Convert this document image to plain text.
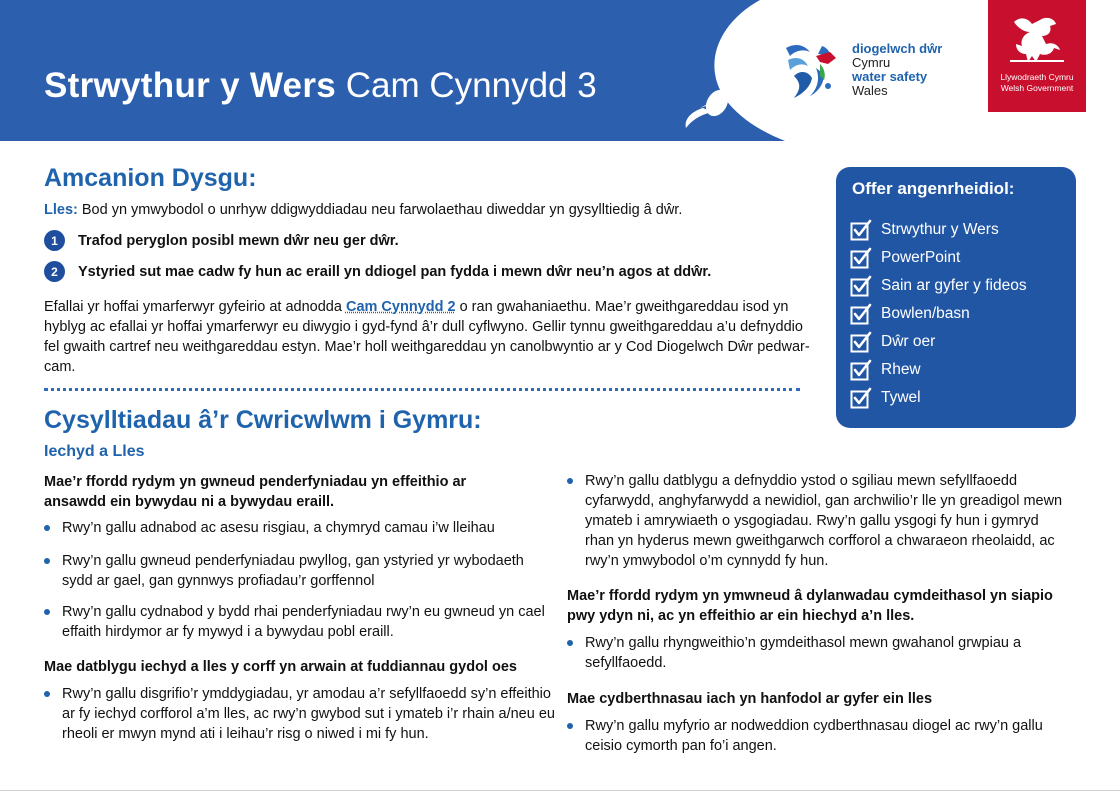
Strwythur y Wers Cam Cynnydd 3
diogelwch dŵr
Cymru
water safety
Wales
Llywodraeth Cymru
Welsh Government
Amcanion Dysgu:
Lles: Bod yn ymwybodol o unrhyw ddigwyddiadau neu farwolaethau diweddar yn gysylltiedig â dŵr.
1	Trafod peryglon posibl mewn dŵr neu ger dŵr.
2	Ystyried sut mae cadw fy hun ac eraill yn ddiogel pan fydda i mewn dŵr neu’n agos at ddŵr.
Efallai yr hoffai ymarferwyr gyfeirio at adnodda Cam Cynnydd 2 o ran gwahaniaethu. Mae’r gweithgareddau isod yn hyblyg ac efallai yr hoffai ymarferwyr eu diwygio i gyd-fynd â’r dull cyflwyno. Gellir tynnu gweithgareddau a’u defnyddio fel gwaith cartref neu weithgareddau estyn. Mae’r holl weithgareddau yn canolbwyntio ar y Cod Diogelwch Dŵr pedwar-cam.
Offer angenrheidiol:
Strwythur y Wers
PowerPoint
Sain ar gyfer y fideos
Bowlen/basn
Dŵr oer
Rhew
Tywel
Cysylltiadau â’r Cwricwlwm i Gymru:
Iechyd a Lles
Mae’r ffordd rydym yn gwneud penderfyniadau yn effeithio ar ansawdd ein bywydau ni a bywydau eraill.
Rwy’n gallu adnabod ac asesu risgiau, a chymryd camau i’w lleihau
Rwy’n gallu gwneud penderfyniadau pwyllog, gan ystyried yr wybodaeth sydd ar gael, gan gynnwys profiadau’r gorffennol
Rwy’n gallu cydnabod y bydd rhai penderfyniadau rwy’n eu gwneud yn cael effaith hirdymor ar fy mywyd i a bywydau pobl eraill.
Mae datblygu iechyd a lles y corff yn arwain at fuddiannau gydol oes
Rwy’n gallu disgrifio’r ymddygiadau, yr amodau a’r sefyllfaoedd sy’n effeithio ar fy iechyd corfforol a’m lles, ac rwy’n gwybod sut i ymateb i’r rhain a/neu eu rheoli er mwyn mynd ati i leihau’r risg o niwed i mi fy hun.
Rwy’n gallu datblygu a defnyddio ystod o sgiliau mewn sefyllfaoedd cyfarwydd, anghyfarwydd a newidiol, gan archwilio’r lle yn greadigol mewn ymateb i amrywiaeth o ysgogiadau. Rwy’n gallu ysgogi fy hun i gymryd rhan yn hyderus mewn gweithgarwch corfforol a chwaraeon rheolaidd, ac rwy’n ymwybodol o’m cynnydd fy hun.
Mae’r ffordd rydym yn ymwneud â dylanwadau cymdeithasol yn siapio pwy ydyn ni, ac yn effeithio ar ein hiechyd a’n lles.
Rwy’n gallu rhyngweithio’n gymdeithasol mewn gwahanol grwpiau a sefyllfaoedd.
Mae cydberthnasau iach yn hanfodol ar gyfer ein lles
Rwy’n gallu myfyrio ar nodweddion cydberthnasau diogel ac rwy’n gallu ceisio cymorth pan fo’i angen.
